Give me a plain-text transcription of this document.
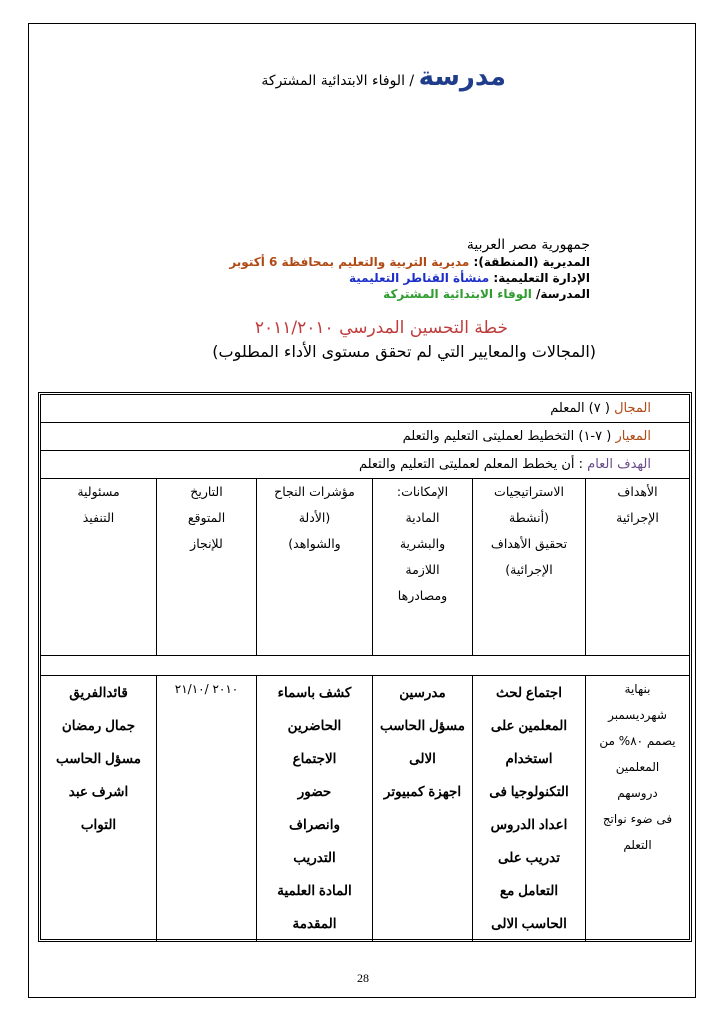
مدرسة / الوفاء الابتدائية المشتركة
جمهورية مصر العربية
المديرية (المنطقة): مديرية التربية والتعليم بمحافظة 6 أكتوبر
الإدارة التعليمية: منشأة القناطر التعليمية
المدرسة/ الوفاء الابتدائية المشتركة
خطة التحسين المدرسي ٢٠١١/٢٠١٠
(المجالات والمعايير التي لم تحقق مستوى الأداء المطلوب)
المجال ( ٧) المعلم
المعيار ( ٧-١) التخطيط لعمليتى التعليم والتعلم
الهدف العام : أن يخطط المعلم لعمليتى التعليم والتعلم
الأهداف
الإجرائية
الاستراتيجيات
(أنشطة
تحقيق الأهداف
الإجرائية)
الإمكانات:
المادية
والبشرية
اللازمة
ومصادرها
مؤشرات النجاح
(الأدلة
والشواهد)
التاريخ
المتوقع
للإنجاز
مسئولية
التنفيذ
بنهاية
شهرديسمبر
يصمم ٨٠% من
المعلمين
دروسهم
فى ضوء نواتج
التعلم
اجتماع لحث
المعلمين على
استخدام
التكنولوجيا فى
اعداد الدروس
تدريب على
التعامل مع
الحاسب الالى
مدرسين
مسؤل الحاسب
الالى
اجهزة كمبيوتر
كشف باسماء
الحاضرين
الاجتماع
حضور
وانصراف
التدريب
المادة العلمية
المقدمة
٢٠١٠ /٢١/١٠
قائدالفريق
جمال رمضان
مسؤل الحاسب
اشرف عبد
التواب
28
